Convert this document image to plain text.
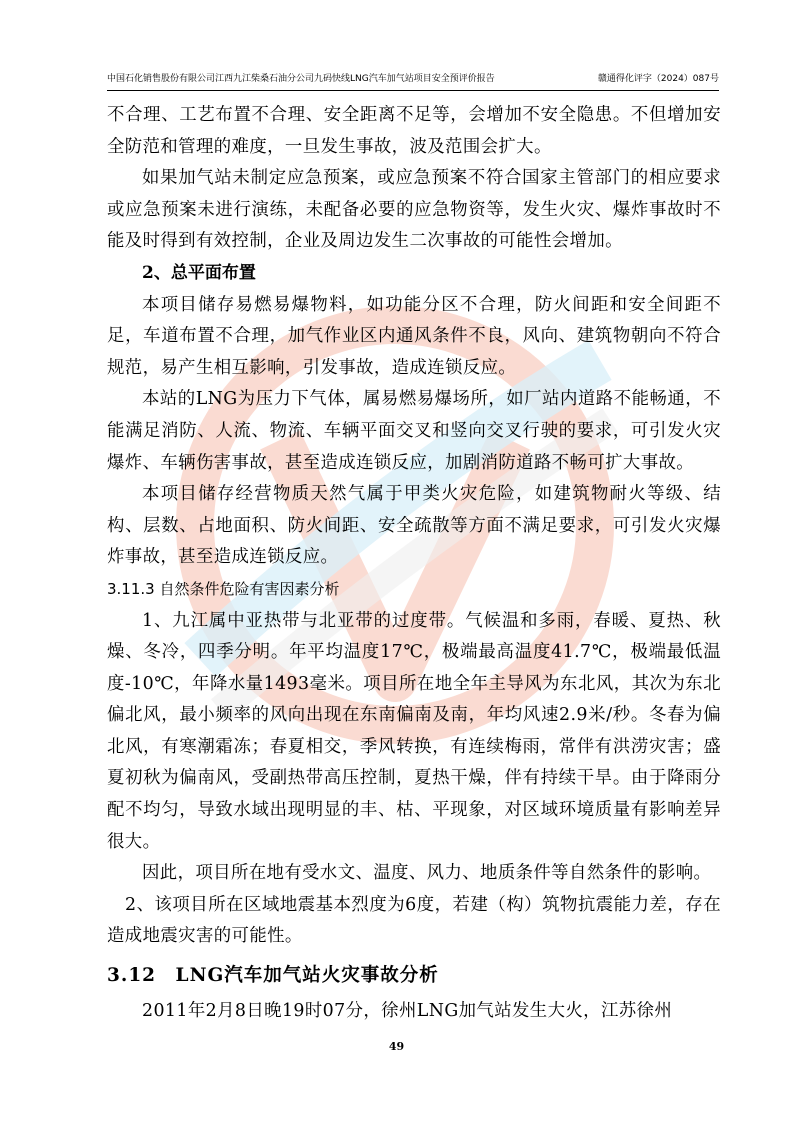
中国石化销售股份有限公司江西九江柴桑石油分公司九码快线LNG汽车加气站项目安全预评价报告	赣通得化评字（2024）087号

不合理、工艺布置不合理、安全距离不足等，会增加不安全隐患。不但增加安全防范和管理的难度，一旦发生事故，波及范围会扩大。

如果加气站未制定应急预案，或应急预案不符合国家主管部门的相应要求或应急预案未进行演练，未配备必要的应急物资等，发生火灾、爆炸事故时不能及时得到有效控制，企业及周边发生二次事故的可能性会增加。

2、总平面布置

本项目储存易燃易爆物料，如功能分区不合理，防火间距和安全间距不足，车道布置不合理，加气作业区内通风条件不良，风向、建筑物朝向不符合规范，易产生相互影响，引发事故，造成连锁反应。

本站的LNG为压力下气体，属易燃易爆场所，如厂站内道路不能畅通，不能满足消防、人流、物流、车辆平面交叉和竖向交叉行驶的要求，可引发火灾爆炸、车辆伤害事故，甚至造成连锁反应，加剧消防道路不畅可扩大事故。

本项目储存经营物质天然气属于甲类火灾危险，如建筑物耐火等级、结构、层数、占地面积、防火间距、安全疏散等方面不满足要求，可引发火灾爆炸事故，甚至造成连锁反应。

3.11.3 自然条件危险有害因素分析

1、九江属中亚热带与北亚带的过度带。气候温和多雨，春暖、夏热、秋燥、冬冷，四季分明。年平均温度17℃，极端最高温度41.7℃，极端最低温度-10℃，年降水量1493毫米。项目所在地全年主导风为东北风，其次为东北偏北风，最小频率的风向出现在东南偏南及南，年均风速2.9米/秒。冬春为偏北风，有寒潮霜冻；春夏相交，季风转换，有连续梅雨，常伴有洪涝灾害；盛夏初秋为偏南风，受副热带高压控制，夏热干燥，伴有持续干旱。由于降雨分配不均匀，导致水域出现明显的丰、枯、平现象，对区域环境质量有影响差异很大。

因此，项目所在地有受水文、温度、风力、地质条件等自然条件的影响。

2、该项目所在区域地震基本烈度为6度，若建（构）筑物抗震能力差，存在造成地震灾害的可能性。

3.12　LNG汽车加气站火灾事故分析

2011年2月8日晚19时07分，徐州LNG加气站发生大火，江苏徐州

49
